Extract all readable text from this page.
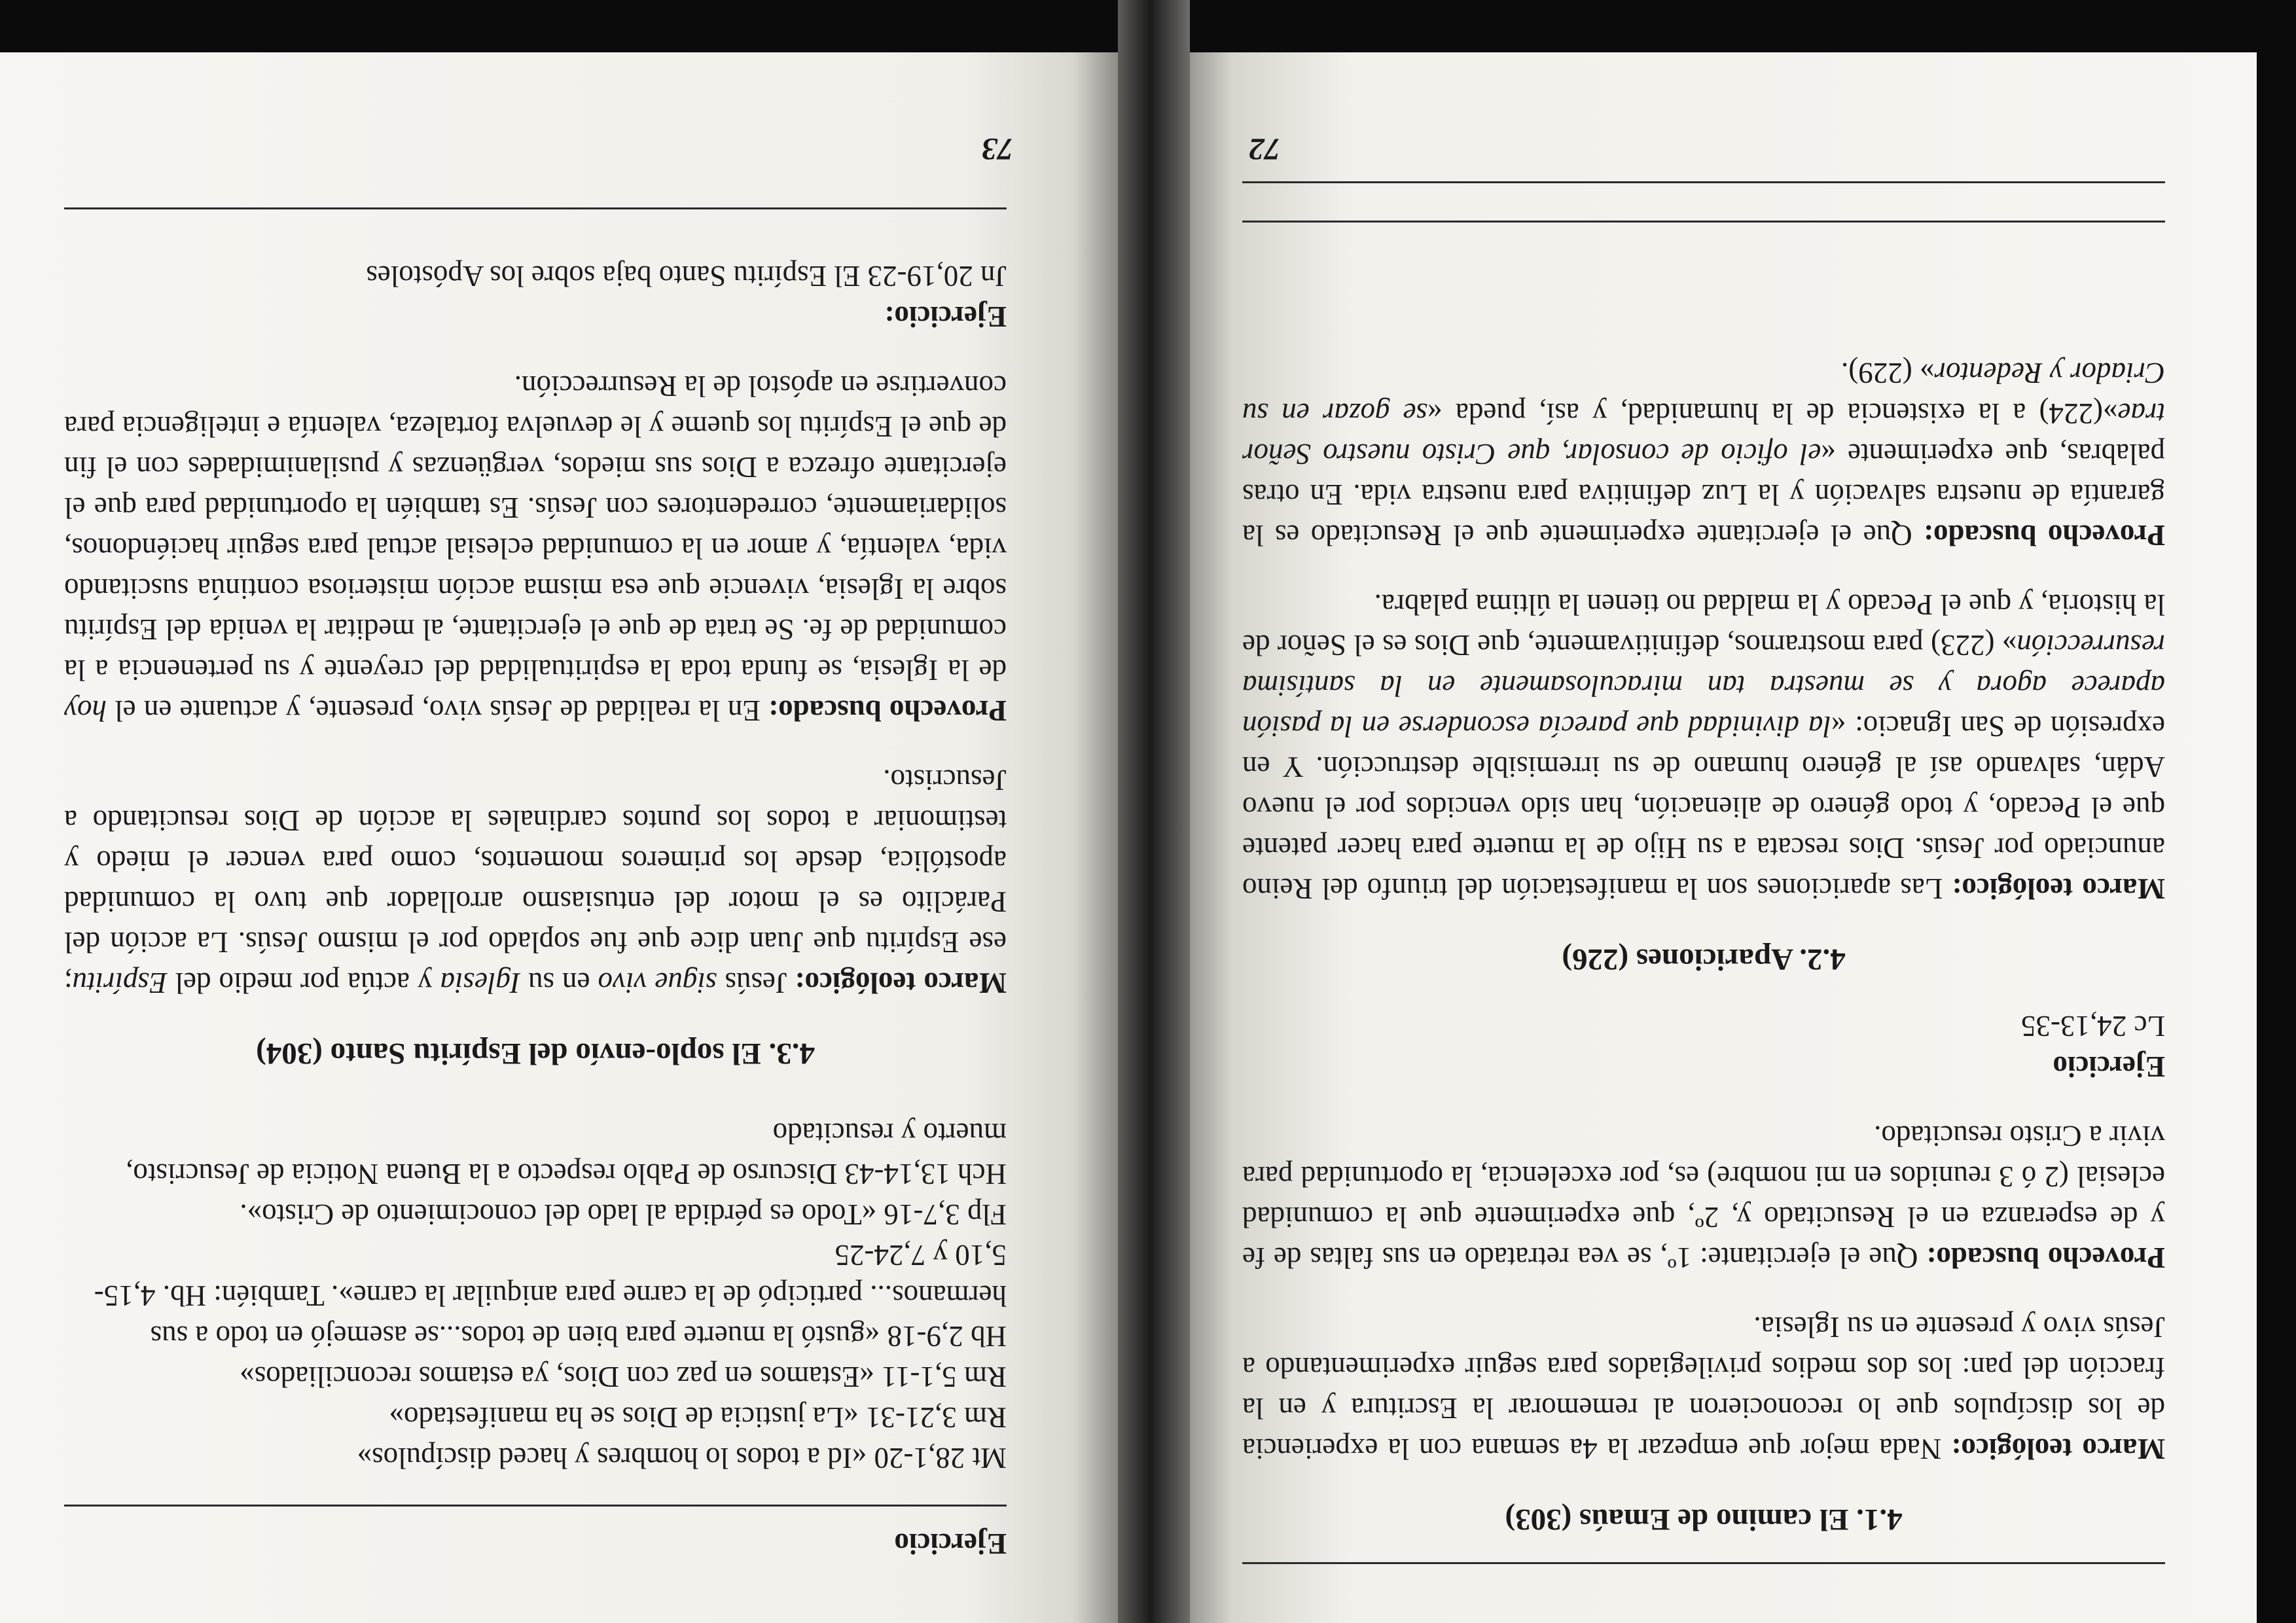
4.1. El camino de Emaús (303)

Marco teológico: Nada mejor que empezar la 4a semana con la experiencia de los discípulos que lo reconocieron al rememorar la Escritura y en la fracción del pan: los dos medios privilegiados para seguir experimentando a Jesús vivo y presente en su Iglesia.

Provecho buscado: Que el ejercitante: 1º, se vea retratado en sus faltas de fe y de esperanza en el Resucitado y, 2º, que experimente que la comunidad eclesial (2 ó 3 reunidos en mi nombre) es, por excelencia, la oportunidad para vivir a Cristo resucitado.

Ejercicio
Lc 24,13-35
4.2. Apariciones (226)

Marco teológico: Las apariciones son la manifestación del triunfo del Reino anunciado por Jesús. Dios rescata a su Hijo de la muerte para hacer patente que el Pecado, y todo género de alienación, han sido vencidos por el nuevo Adán, salvando así al género humano de su irremisible destrucción. Y en expresión de San Ignacio: «la divinidad que parecía esconderse en la pasión aparece agora y se muestra tan miraculosamente en la santísima resurrección» (223) para mostrarnos, definitivamente, que Dios es el Señor de la historia, y que el Pecado y la maldad no tienen la última palabra.

Provecho buscado: Que el ejercitante experimente que el Resucitado es la garantía de nuestra salvación y la Luz definitiva para nuestra vida. En otras palabras, que experimente «el oficio de consolar, que Cristo nuestro Señor trae»(224) a la existencia de la humanidad, y así, pueda «se gozar en su Criador y Redentor» (229).

72
Ejercicio
Mt 28,1-20 «Id a todos lo hombres y haced discípulos»
Rm 3,21-31 «La justicia de Dios se ha manifestado»
Rm 5,1-11 «Estamos en paz con Dios, ya estamos reconciliados»
Hb 2,9-18 «gustó la muerte para bien de todos...se asemejó en todo a sus hermanos... participó de la carne para aniquilar la carne». También: Hb. 4,15-5,10 y 7,24-25
Flp 3,7-16 «Todo es pérdida al lado del conocimiento de Cristo».
Hch 13,14-43 Discurso de Pablo respecto a la Buena Noticia de Jesucristo, muerto y resucitado
4.3. El soplo-envío del Espíritu Santo (304)

Marco teológico: Jesús sigue vivo en su Iglesia y actúa por medio del Espíritu; ese Espíritu que Juan dice que fue soplado por el mismo Jesús. La acción del Paráclito es el motor del entusiasmo arrollador que tuvo la comunidad apostólica, desde los primeros momentos, como para vencer el miedo y testimoniar a todos los puntos cardinales la acción de Dios resucitando a Jesucristo.

Provecho buscado: En la realidad de Jesús vivo, presente, y actuante en el hoy de la Iglesia, se funda toda la espiritualidad del creyente y su pertenencia a la comunidad de fe. Se trata de que el ejercitante, al meditar la venida del Espíritu sobre la Iglesia, vivencie que esa misma acción misteriosa continúa suscitando vida, valentía, y amor en la comunidad eclesial actual para seguir haciéndonos, solidariamente, corredentores con Jesús. Es también la oportunidad para que el ejercitante ofrezca a Dios sus miedos, vergüenzas y pusilanimidades con el fin de que el Espíritu los queme y le devuelva fortaleza, valentía e inteligencia para convertirse en apóstol de la Resurrección.

Ejercicio:
Jn 20,19-23 El Espíritu Santo baja sobre los Apóstoles
73
